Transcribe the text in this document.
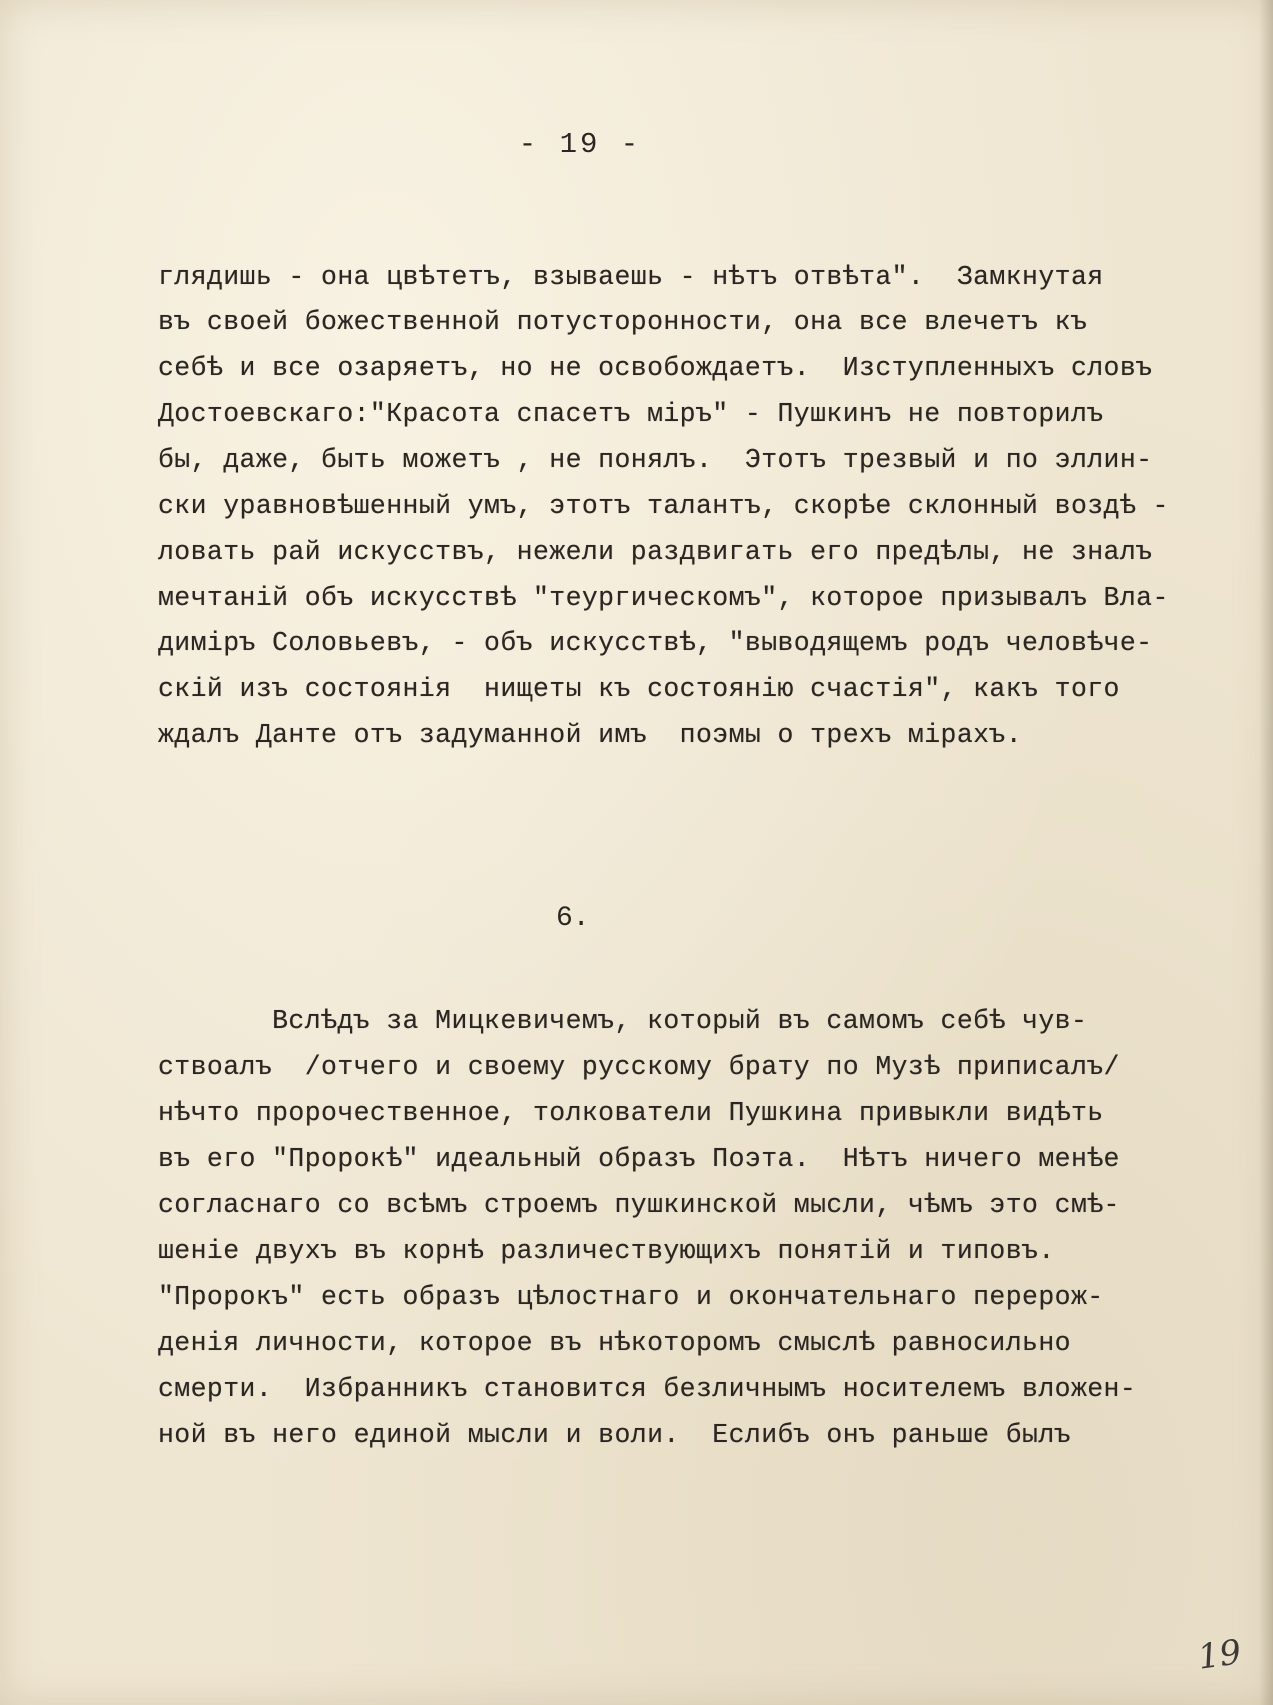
- 19 -
глядишь - она цвѣтетъ, взываешь - нѣтъ отвѣта".  Замкнутая
въ своей божественной потусторонности, она все влечетъ къ
себѣ и все озаряетъ, но не освобождаетъ.  Изступленныхъ словъ
Достоевскаго:"Красота спасетъ міръ" - Пушкинъ не повторилъ
бы, даже, быть можетъ , не понялъ.  Этотъ трезвый и по эллин-
ски уравновѣшенный умъ, этотъ талантъ, скорѣе склонный воздѣ -
ловать рай искусствъ, нежели раздвигать его предѣлы, не зналъ
мечтаній объ искусствѣ "теургическомъ", которое призывалъ Вла-
диміръ Соловьевъ, - объ искусствѣ, "выводящемъ родъ человѣче-
скій изъ состоянія  нищеты къ состоянію счастія", какъ того
ждалъ Данте отъ задуманной имъ  поэмы о трехъ мірахъ.
6.
Вслѣдъ за Мицкевичемъ, который въ самомъ себѣ чув-
ствоалъ  /отчего и своему русскому брату по Музѣ приписалъ/
нѣчто пророчественное, толкователи Пушкина привыкли видѣть
въ его "Пророкѣ" идеальный образъ Поэта.  Нѣтъ ничего менѣе
согласнаго со всѣмъ строемъ пушкинской мысли, чѣмъ это смѣ-
шеніе двухъ въ корнѣ различествующихъ понятій и типовъ.
"Пророкъ" есть образъ цѣлостнаго и окончательнаго перерож-
денія личности, которое въ нѣкоторомъ смыслѣ равносильно
смерти.  Избранникъ становится безличнымъ носителемъ вложен-
ной въ него единой мысли и воли.  Еслибъ онъ раньше былъ
19
